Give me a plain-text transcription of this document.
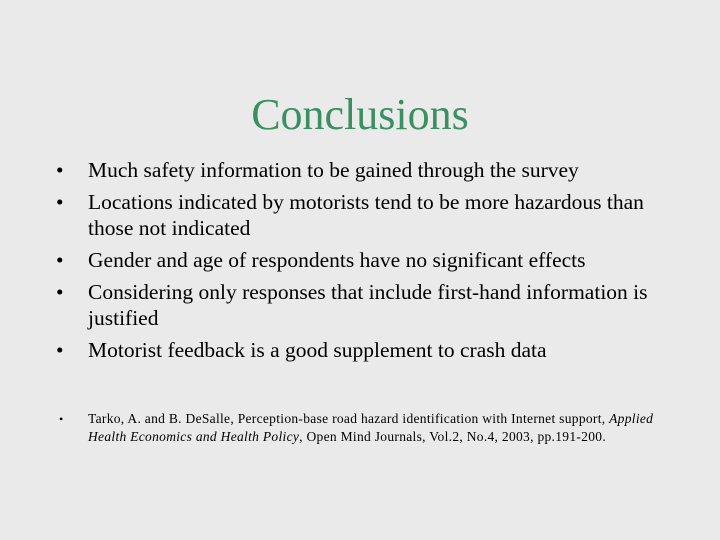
Conclusions
• Much safety information to be gained through the survey
• Locations indicated by motorists tend to be more hazardous than those not indicated
• Gender and age of respondents have no significant effects
• Considering only responses that include first-hand information is justified
• Motorist feedback is a good supplement to crash data
• Tarko, A. and B. DeSalle, Perception-base road hazard identification with Internet support, Applied Health Economics and Health Policy, Open Mind Journals, Vol.2, No.4, 2003, pp.191-200.
